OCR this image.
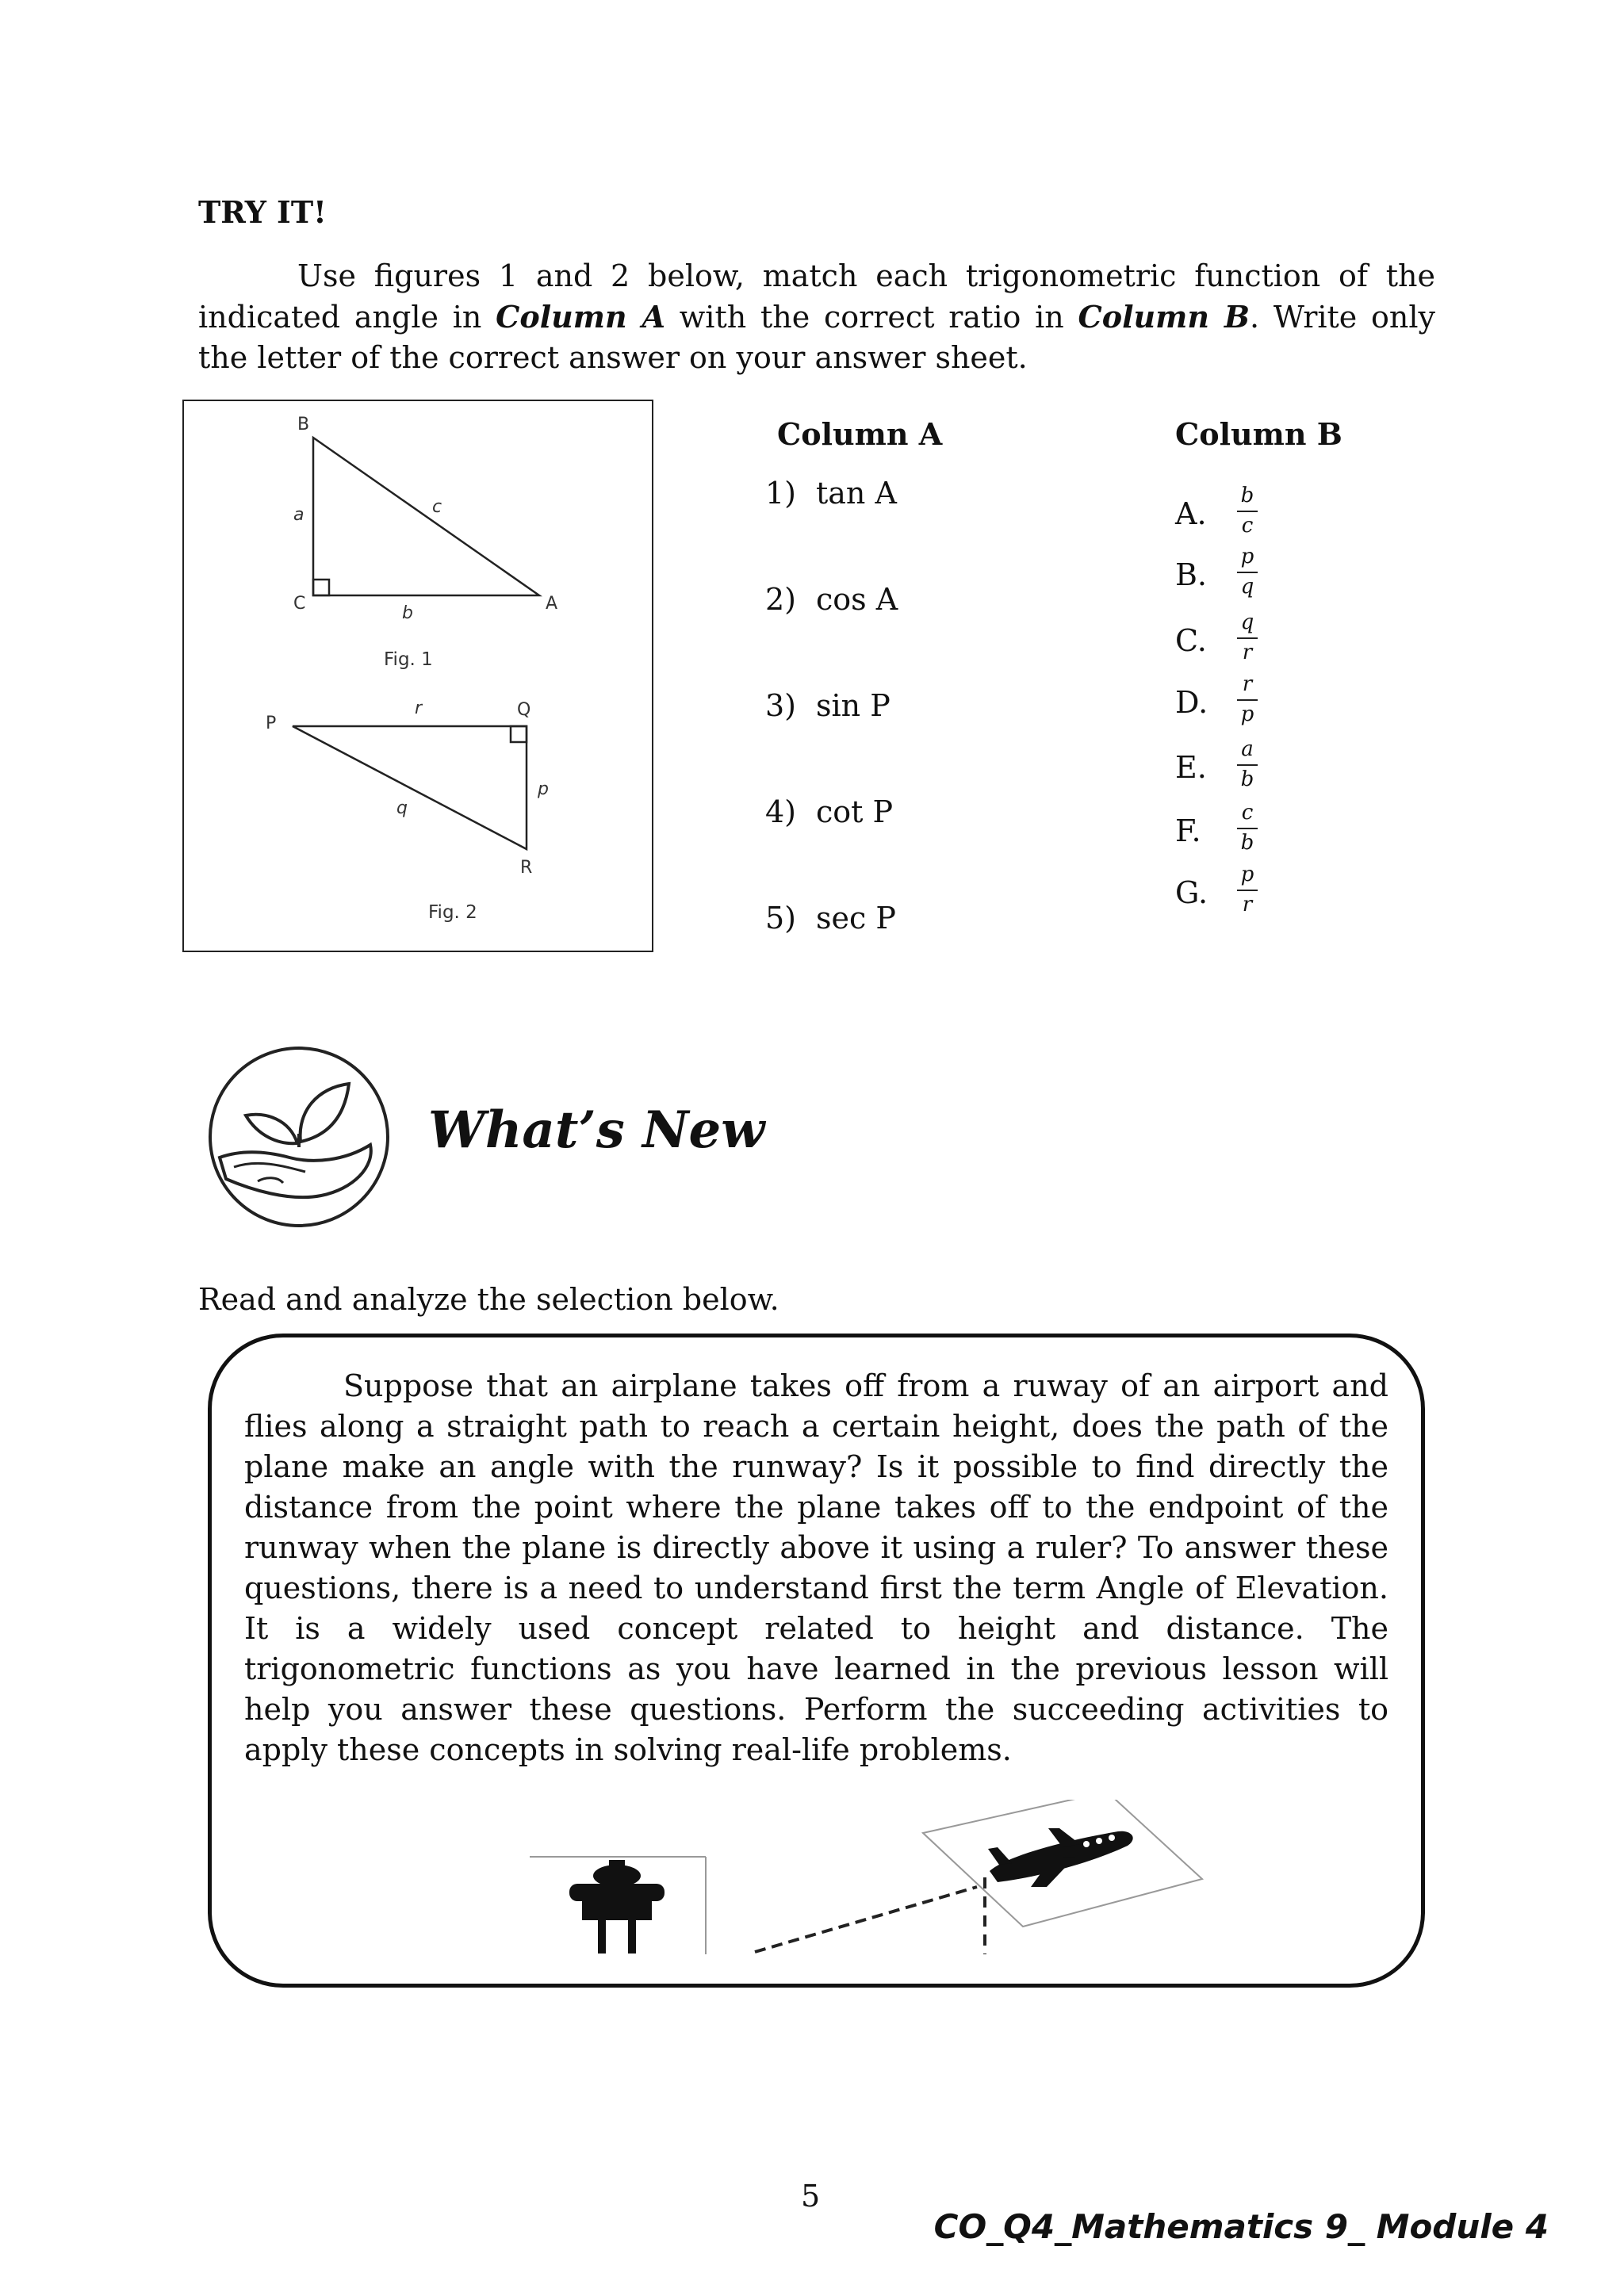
TRY IT!
Use figures 1 and 2 below, match each trigonometric function of the indicated angle in Column A with the correct ratio in Column B. Write only the letter of the correct answer on your answer sheet.
B
C	A
a
b
c
Fig. 1
P
Q
R
r
p
q
Fig. 2
Column A	Column B
1) tan A
2) cos A
3) sin P
4) cot P
5) sec P
A.
b
c
B.
p
q
C.
q
r
D.
r
p
E.
a
b
F.
c
b
G.
p
r
What’s New
Read and analyze the selection below.
Suppose that an airplane takes off from a ruway of an airport and flies along a straight path to reach a certain height, does the path of the plane make an angle with the runway? Is it possible to find directly the distance from the point where the plane takes off to the endpoint of the runway when the plane is directly above it using a ruler? To answer these questions, there is a need to understand first the term Angle of Elevation. It is a widely used concept related to height and distance. The trigonometric functions as you have learned in the previous lesson will help you answer these questions. Perform the succeeding activities to apply these concepts in solving real-life problems.
5
CO_Q4_Mathematics 9_ Module 4
